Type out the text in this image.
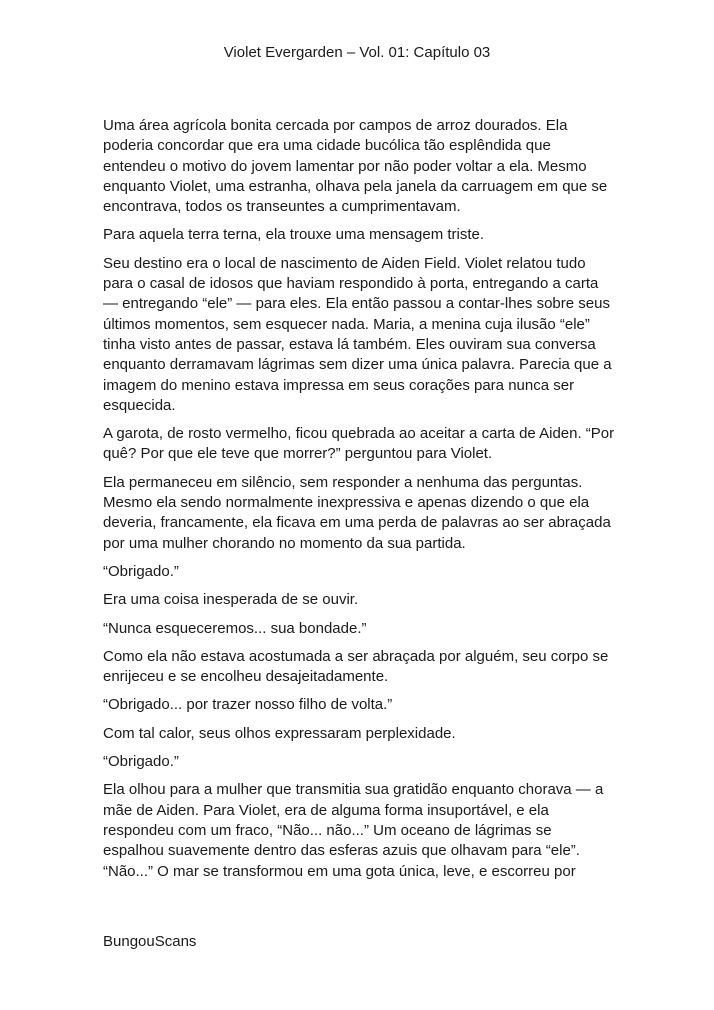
Violet Evergarden – Vol. 01: Capítulo 03

Uma área agrícola bonita cercada por campos de arroz dourados. Ela poderia concordar que era uma cidade bucólica tão esplêndida que entendeu o motivo do jovem lamentar por não poder voltar a ela. Mesmo enquanto Violet, uma estranha, olhava pela janela da carruagem em que se encontrava, todos os transeuntes a cumprimentavam.

Para aquela terra terna, ela trouxe uma mensagem triste.

Seu destino era o local de nascimento de Aiden Field. Violet relatou tudo para o casal de idosos que haviam respondido à porta, entregando a carta — entregando “ele” — para eles. Ela então passou a contar-lhes sobre seus últimos momentos, sem esquecer nada. Maria, a menina cuja ilusão “ele” tinha visto antes de passar, estava lá também. Eles ouviram sua conversa enquanto derramavam lágrimas sem dizer uma única palavra. Parecia que a imagem do menino estava impressa em seus corações para nunca ser esquecida.

A garota, de rosto vermelho, ficou quebrada ao aceitar a carta de Aiden. “Por quê? Por que ele teve que morrer?” perguntou para Violet.

Ela permaneceu em silêncio, sem responder a nenhuma das perguntas. Mesmo ela sendo normalmente inexpressiva e apenas dizendo o que ela deveria, francamente, ela ficava em uma perda de palavras ao ser abraçada por uma mulher chorando no momento da sua partida.

“Obrigado.”

Era uma coisa inesperada de se ouvir.

“Nunca esqueceremos... sua bondade.”

Como ela não estava acostumada a ser abraçada por alguém, seu corpo se enrijeceu e se encolheu desajeitadamente.

“Obrigado... por trazer nosso filho de volta.”

Com tal calor, seus olhos expressaram perplexidade.

“Obrigado.”

Ela olhou para a mulher que transmitia sua gratidão enquanto chorava — a mãe de Aiden. Para Violet, era de alguma forma insuportável, e ela respondeu com um fraco, “Não... não...” Um oceano de lágrimas se espalhou suavemente dentro das esferas azuis que olhavam para “ele”. “Não...” O mar se transformou em uma gota única, leve, e escorreu por

BungouScans
